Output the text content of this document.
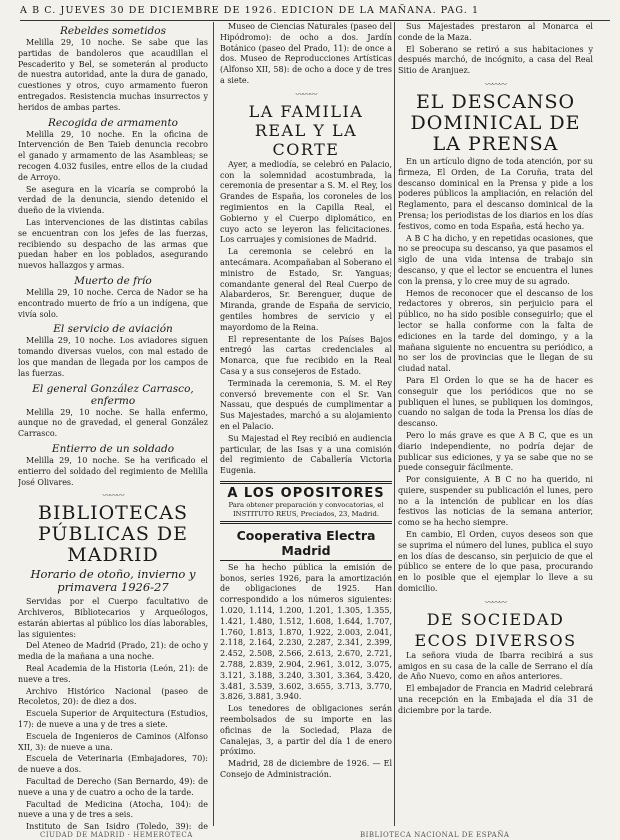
A B C. JUEVES 30 DE DICIEMBRE DE 1926. EDICION DE LA MAÑANA. PAG. 1
Rebeldes sometidos

Melilla 29, 10 noche. Se sabe que las partidas de bandoleros que acaudillan el Pescaderito y Bel, se someterán al producto de nuestra autoridad, ante la dura de ganado, cuestiones y otros, cuyo armamento fueron entregados. Resistencia muchas insurrectos y heridos de ambas partes.

Recogida de armamento

Melilla 29, 10 noche. En la oficina de Intervención de Ben Taieb denuncia recobro el ganado y armamento de las Asambleas; se recogen 4.032 fusiles, entre ellos de la ciudad de Arroyo.

Se asegura en la vicaría se comprobó la verdad de la denuncia, siendo detenido el dueño de la vivienda.

Las intervenciones de las distintas cabilas se encuentran con los jefes de las fuerzas, recibiendo su despacho de las armas que puedan haber en los poblados, asegurando nuevos hallazgos y armas.

Muerto de frío

Melilla 29, 10 noche. Cerca de Nador se ha encontrado muerto de frío a un indígena, que vivía solo.

El servicio de aviación

Melilla 29, 10 noche. Los aviadores siguen tomando diversas vuelos, con mal estado de los que mandan de llegada por los campos de las fuerzas.

El general González Carrasco, enfermo

Melilla 29, 10 noche. Se halla enfermo, aunque no de gravedad, el general González Carrasco.

Entierro de un soldado

Melilla 29, 10 noche. Se ha verificado el entierro del soldado del regimiento de Melilla José Olivares.

〰〰〰
BIBLIOTECAS PÚBLICAS DE MADRID
Horario de otoño, invierno y primavera 1926-27

Servidas por el Cuerpo facultativo de Archiveros, Bibliotecarios y Arqueólogos, estarán abiertas al público los días laborables, las siguientes:

Del Ateneo de Madrid (Prado, 21): de ocho y media de la mañana a una noche.

Real Academia de la Historia (León, 21): de nueve a tres.

Archivo Histórico Nacional (paseo de Recoletos, 20): de diez a dos.

Escuela Superior de Arquitectura (Estudios, 17): de nueve a una y de tres a siete.

Escuela de Ingenieros de Caminos (Alfonso XII, 3): de nueve a una.

Escuela de Veterinaria (Embajadores, 70): de nueve a dos.

Facultad de Derecho (San Bernardo, 49): de nueve a una y de cuatro a ocho de la tarde.

Facultad de Medicina (Atocha, 104): de nueve a una y de tres a seis.

Instituto de San Isidro (Toledo, 39): de

Museo de Ciencias Naturales (paseo del Hipódromo): de ocho a dos. Jardín Botánico (paseo del Prado, 11): de once a dos. Museo de Reproducciones Artísticas (Alfonso XII, 58): de ocho a doce y de tres a siete.

〰〰〰
LA FAMILIA REAL Y LA CORTE

Ayer, a mediodía, se celebró en Palacio, con la solemnidad acostumbrada, la ceremonia de presentar a S. M. el Rey, los Grandes de España, los coroneles de los regimientos en la Capilla Real, el Gobierno y el Cuerpo diplomático, en cuyo acto se leyeron las felicitaciones. Los carruajes y comisiones de Madrid.

La ceremonia se celebró en la antecámara. Acompañaban al Soberano el ministro de Estado, Sr. Yanguas; comandante general del Real Cuerpo de Alabarderos, Sr. Berenguer, duque de Miranda, grande de España de servicio, gentiles hombres de servicio y el mayordomo de la Reina.

El representante de los Países Bajos entregó las cartas credenciales al Monarca, que fue recibido en la Real Casa y a sus consejeros de Estado.

Terminada la ceremonia, S. M. el Rey conversó brevemente con el Sr. Van Nassau, que después de cumplimentar a Sus Majestades, marchó a su alojamiento en el Palacio.

Su Majestad el Rey recibió en audiencia particular, de las Isas y a una comisión del regimiento de Caballería Victoria Eugenia.

A LOS OPOSITORES
Para obtener preparación y convocatorias, el INSTITUTO REUS, Preciados, 23, Madrid.
Cooperativa Electra Madrid

Se ha hecho pública la emisión de bonos, series 1926, para la amortización de obligaciones de 1925. Han correspondido a los números siguientes: 1.020, 1.114, 1.200, 1.201, 1.305, 1.355, 1.421, 1.480, 1.512, 1.608, 1.644, 1.707, 1.760, 1.813, 1.870, 1.922, 2.003, 2.041, 2.118, 2.164, 2.230, 2.287, 2.341, 2.399, 2.452, 2.508, 2.566, 2.613, 2.670, 2.721, 2.788, 2.839, 2.904, 2.961, 3.012, 3.075, 3.121, 3.188, 3.240, 3.301, 3.364, 3.420, 3.481, 3.539, 3.602, 3.655, 3.713, 3.770, 3.826, 3.881, 3.940.

Los tenedores de obligaciones serán reembolsados de su importe en las oficinas de la Sociedad, Plaza de Canalejas, 3, a partir del día 1 de enero próximo.

Madrid, 28 de diciembre de 1926. — El Consejo de Administración.

Sus Majestades prestaron al Monarca el conde de la Maza.

El Soberano se retiró a sus habitaciones y después marchó, de incógnito, a casa del Real Sitio de Aranjuez.

〰〰〰
EL DESCANSO DOMINICAL DE LA PRENSA

En un artículo digno de toda atención, por su firmeza, El Orden, de La Coruña, trata del descanso dominical en la Prensa y pide a los poderes públicos la ampliación, en relación del Reglamento, para el descanso dominical de la Prensa; los periodistas de los diarios en los días festivos, como en toda España, está hecho ya.

A B C ha dicho, y en repetidas ocasiones, que no se preocupa su descanso, ya que pasamos el siglo de una vida intensa de trabajo sin descanso, y que el lector se encuentra el lunes con la prensa, y lo cree muy de su agrado.

Hemos de reconocer que el descanso de los redactores y obreros, sin perjuicio para el público, no ha sido posible conseguirlo; que el lector se halla conforme con la falta de ediciones en la tarde del domingo, y a la mañana siguiente no encuentra su periódico, a no ser los de provincias que le llegan de su ciudad natal.

Para El Orden lo que se ha de hacer es conseguir que los periódicos que no se publiquen el lunes, se publiquen los domingos, cuando no salgan de toda la Prensa los días de descanso.

Pero lo más grave es que A B C, que es un diario independiente, no podría dejar de publicar sus ediciones, y ya se sabe que no se puede conseguir fácilmente.

Por consiguiente, A B C no ha querido, ni quiere, suspender su publicación el lunes, pero no a la intención de publicar en los días festivos las noticias de la semana anterior, como se ha hecho siempre.

En cambio, El Orden, cuyos deseos son que se suprima el número del lunes, publica el suyo en los días de descanso, sin perjuicio de que el público se entere de lo que pasa, procurando en lo posible que el ejemplar lo lleve a su domicilio.

〰〰〰
DE SOCIEDAD
ECOS DIVERSOS

La señora viuda de Ibarra recibirá a sus amigos en su casa de la calle de Serrano el día de Año Nuevo, como en años anteriores.

El embajador de Francia en Madrid celebrará una recepción en la Embajada el día 31 de diciembre por la tarde.

CIUDAD DE MADRID · HEMEROTECA	BIBLIOTECA NACIONAL DE ESPAÑA
